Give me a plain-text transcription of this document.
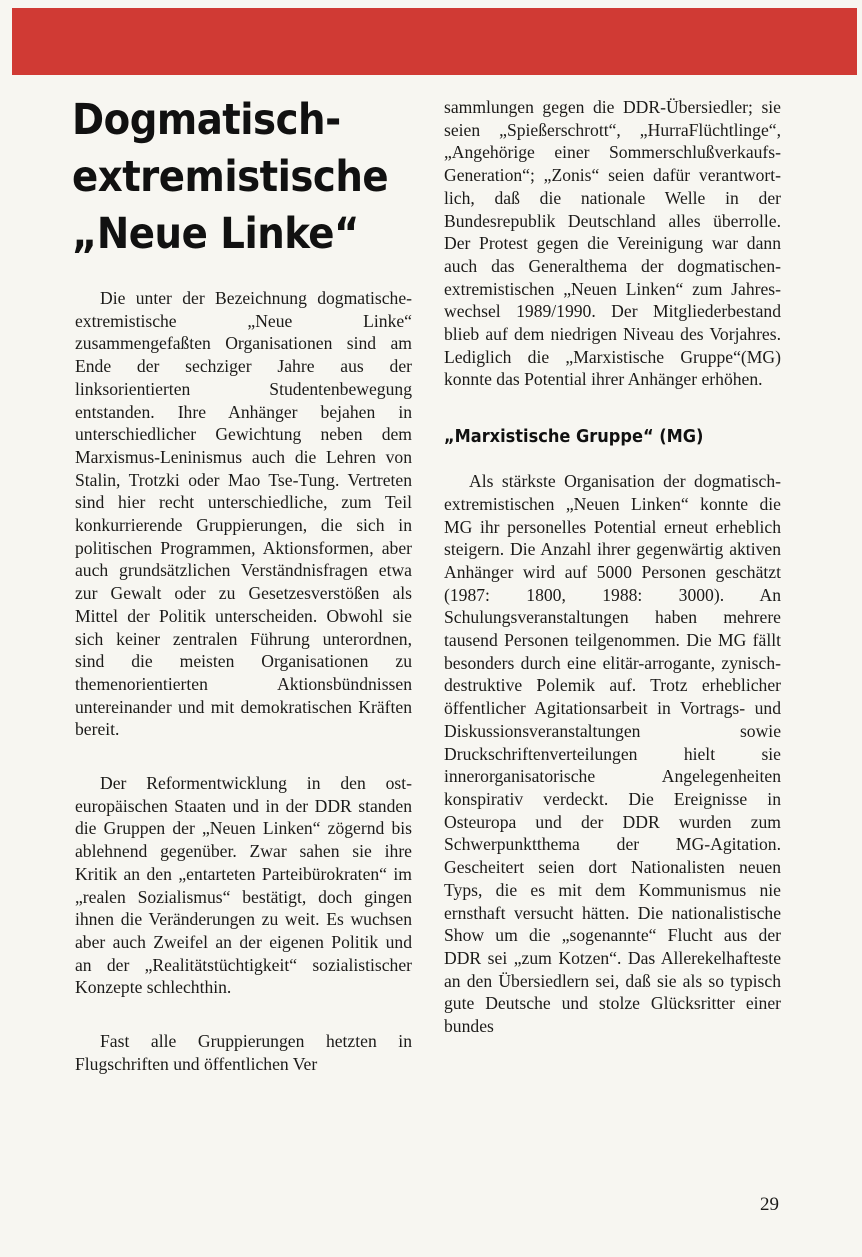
Dogmatisch-
extremistische
„Neue Linke“

Die unter der Bezeichnung dogmatische-extremistische „Neue Linke“ zusammengefaßten Organisationen sind am Ende der sechziger Jahre aus der linksorientierten Studentenbewegung entstanden. Ihre Anhänger bejahen in unterschiedlicher Gewichtung neben dem Marxismus-Leninismus auch die Lehren von Stalin, Trotzki oder Mao Tse-Tung. Vertreten sind hier recht unterschiedliche, zum Teil konkurrierende Gruppierungen, die sich in politischen Programmen, Aktionsformen, aber auch grundsätzlichen Verständnisfragen etwa zur Gewalt oder zu Gesetzesverstößen als Mittel der Politik unterscheiden. Obwohl sie sich keiner zentralen Führung unterordnen, sind die meisten Organisationen zu themenorientierten Aktionsbündnissen untereinander und mit demokratischen Kräften bereit.

Der Reformentwicklung in den osteuropäischen Staaten und in der DDR standen die Gruppen der „Neuen Linken“ zögernd bis ablehnend gegenüber. Zwar sahen sie ihre Kritik an den „entarteten Parteibürokraten“ im „realen Sozialismus“ bestätigt, doch gingen ihnen die Veränderungen zu weit. Es wuchsen aber auch Zweifel an der eigenen Politik und an der „Realitätstüchtigkeit“ sozialistischer Konzepte schlechthin.

Fast alle Gruppierungen hetzten in Flugschriften und öffentlichen Ver

sammlungen gegen die DDR-Übersiedler; sie seien „Spießerschrott“, „HurraFlüchtlinge“, „Angehörige einer Sommerschlußverkaufs-Generation“; „Zonis“ seien dafür verantwortlich, daß die nationale Welle in der Bundesrepublik Deutschland alles überrolle. Der Protest gegen die Vereinigung war dann auch das Generalthema der dogmatischen-extremistischen „Neuen Linken“ zum Jahreswechsel 1989/1990. Der Mitgliederbestand blieb auf dem niedrigen Niveau des Vorjahres. Lediglich die „Marxistische Gruppe“(MG) konnte das Potential ihrer Anhänger erhöhen.

„Marxistische Gruppe“ (MG)

Als stärkste Organisation der dogmatisch-extremistischen „Neuen Linken“ konnte die MG ihr personelles Potential erneut erheblich steigern. Die Anzahl ihrer gegenwärtig aktiven Anhänger wird auf 5000 Personen geschätzt (1987: 1800, 1988: 3000). An Schulungsveranstaltungen haben mehrere tausend Personen teilgenommen. Die MG fällt besonders durch eine elitär-arrogante, zynisch-destruktive Polemik auf. Trotz erheblicher öffentlicher Agitationsarbeit in Vortrags- und Diskussionsveranstaltungen sowie Druckschriftenverteilungen hielt sie innerorganisatorische Angelegenheiten konspirativ verdeckt. Die Ereignisse in Osteuropa und der DDR wurden zum Schwerpunktthema der MG-Agitation. Gescheitert seien dort Nationalisten neuen Typs, die es mit dem Kommunismus nie ernsthaft versucht hätten. Die nationalistische Show um die „sogenannte“ Flucht aus der DDR sei „zum Kotzen“. Das Allerekelhafteste an den Übersiedlern sei, daß sie als so typisch gute Deutsche und stolze Glücksritter einer bundes

29
